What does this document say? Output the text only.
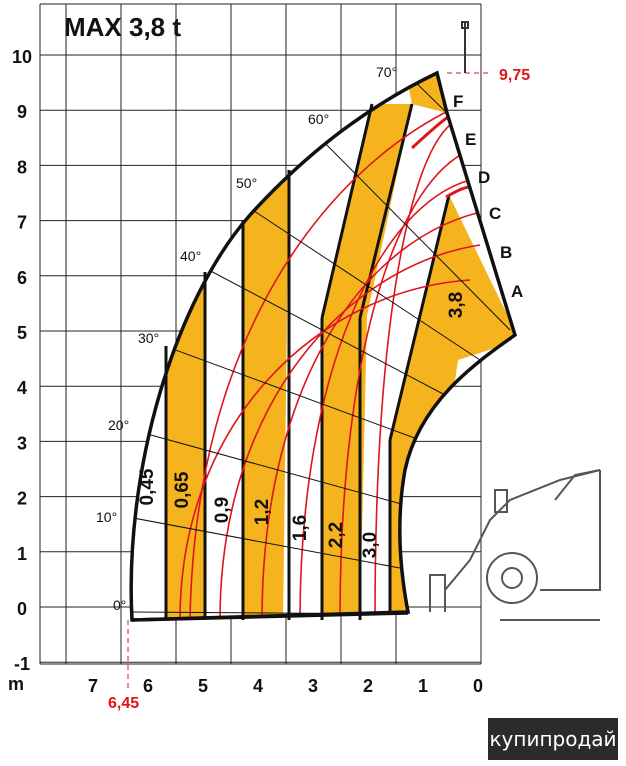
MAX 3,8 t
10
9
8
7
6
5
4
3
2
1
0
-1
7 6 5 4 3 2 1 0
0°
10°
20°
30°
40°
50°
60°
70°
A
B
C
D
E
F
0,45 0,65
0,9 1,2
1,6 2,2 3,0
3,8
m
9,75
6,45
купипродай
